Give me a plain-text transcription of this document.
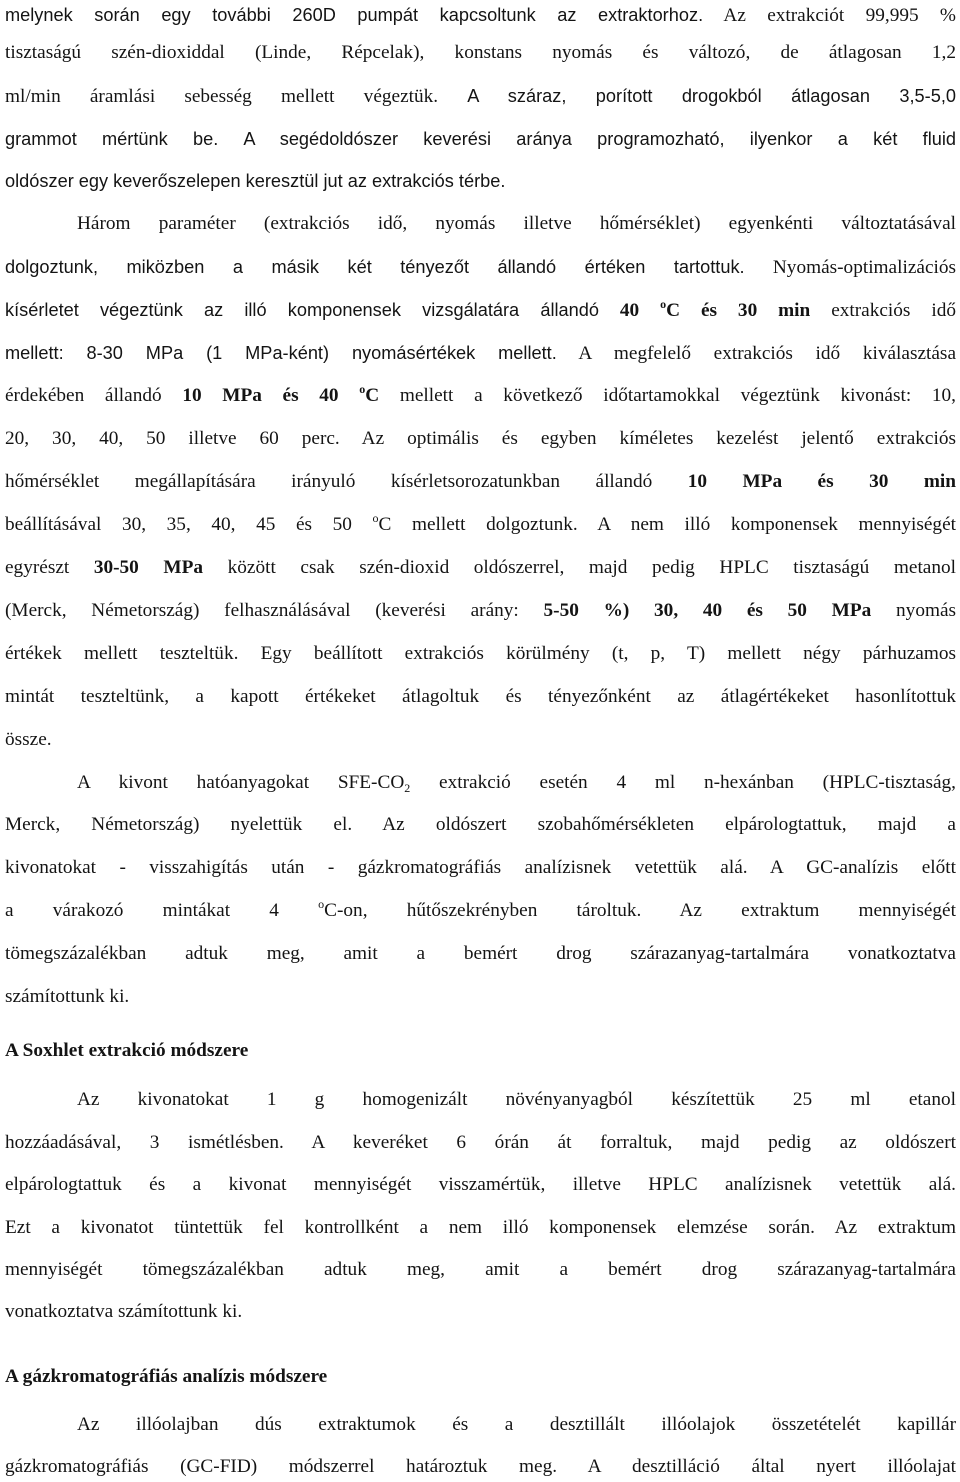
melynek során egy további 260D pumpát kapcsoltunk az extraktorhoz. Az extrakciót 99,995 %
tisztaságú szén-dioxiddal (Linde, Répcelak), konstans nyomás és változó, de átlagosan 1,2
ml/min áramlási sebesség mellett végeztük. A száraz, porított drogokból átlagosan 3,5-5,0
grammot mértünk be. A segédoldószer keverési aránya programozható, ilyenkor a két fluid
oldószer egy keverőszelepen keresztül jut az extrakciós térbe.
Három paraméter (extrakciós idő, nyomás illetve hőmérséklet) egyenkénti változtatásával
dolgoztunk, miközben a másik két tényezőt állandó értéken tartottuk. Nyomás-optimalizációs
kísérletet végeztünk az illó komponensek vizsgálatára állandó 40 $^o$C és 30 min extrakciós idő
mellett: 8-30 MPa (1 MPa-ként) nyomásértékek mellett. A megfelelő extrakciós idő kiválasztása
érdekében állandó 10 MPa és 40 $^o$C mellett a következő időtartamokkal végeztünk kivonást: 10,
20, 30, 40, 50 illetve 60 perc. Az optimális és egyben kíméletes kezelést jelentő extrakciós
hőmérséklet megállapítására irányuló kísérletsorozatunkban állandó 10 MPa és 30 min
beállításával 30, 35, 40, 45 és 50 $^o$C mellett dolgoztunk. A nem illó komponensek mennyiségét
egyrészt 30-50 MPa között csak szén-dioxid oldószerrel, majd pedig HPLC tisztaságú metanol
(Merck, Németország) felhasználásával (keverési arány: 5-50 %) 30, 40 és 50 MPa nyomás
értékek mellett teszteltük. Egy beállított extrakciós körülmény (t, p, T) mellett négy párhuzamos
mintát teszteltünk, a kapott értékeket átlagoltuk és tényezőnként az átlagértékeket hasonlítottuk
össze.
A kivont hatóanyagokat SFE-$CO_2$ extrakció esetén 4 ml n-hexánban (HPLC-tisztaság,
Merck, Németország) nyelettük el. Az oldószert szobahőmérsékleten elpárologtattuk, majd a
kivonatokat - visszahigítás után - gázkromatográfiás analízisnek vetettük alá. A GC-analízis előtt
a várakozó mintákat 4	$^o$C-on, hűtőszekrényben tároltuk. Az extraktum mennyiségét
tömegszázalékban adtuk meg, amit a bemért drog szárazanyag-tartalmára vonatkoztatva
számítottunk ki.
A Soxhlet extrakció módszere
Az kivonatokat 1 g homogenizált növényanyagból készítettük 25 ml etanol
hozzáadásával, 3 ismétlésben. A keveréket 6 órán át forraltuk, majd pedig az oldószert
elpárologtattuk és a kivonat mennyiségét visszamértük, illetve HPLC analízisnek vetettük alá.
Ezt a kivonatot tüntettük fel kontrollként a nem illó komponensek elemzése során. Az extraktum
mennyiségét tömegszázalékban adtuk meg, amit a bemért drog szárazanyag-tartalmára
vonatkoztatva számítottunk ki.
A gázkromatográfiás analízis módszere
Az illóolajban dús extraktumok és a desztillált illóolajok összetételét kapillár
gázkromatográfiás (GC-FID) módszerrel határoztuk meg. A desztilláció által nyert illóolajat
